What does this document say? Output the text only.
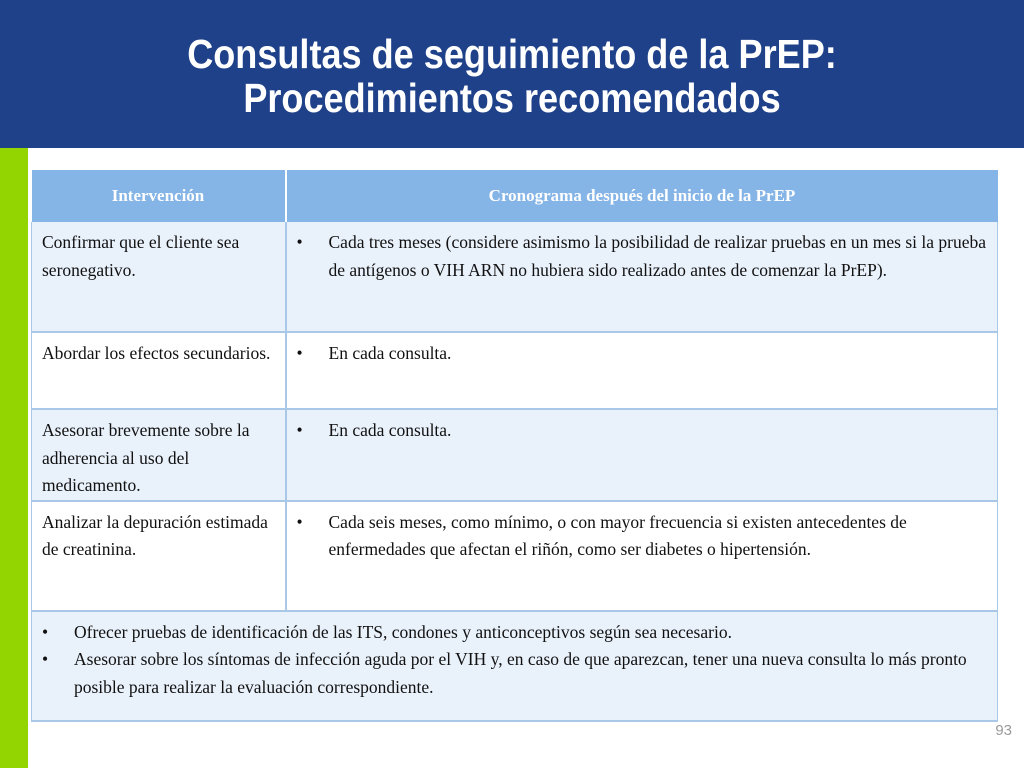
Consultas de seguimiento de la PrEP:
Procedimientos recomendados
Intervención	Cronograma después del inicio de la PrEP
Confirmar que el cliente sea seronegativo.	• Cada tres meses (considere asimismo la posibilidad de realizar pruebas en un mes si la prueba de antígenos o VIH ARN no hubiera sido realizado antes de comenzar la PrEP).

Abordar los efectos secundarios.	• En cada consulta.

Asesorar brevemente sobre la adherencia al uso del medicamento.	• En cada consulta.

Analizar la depuración estimada de creatinina.	• Cada seis meses, como mínimo, o con mayor frecuencia si existen antecedentes de enfermedades que afectan el riñón, como ser diabetes o hipertensión.

• Ofrecer pruebas de identificación de las ITS, condones y anticonceptivos según sea necesario.
• Asesorar sobre los síntomas de infección aguda por el VIH y, en caso de que aparezcan, tener una nueva consulta lo más pronto posible para realizar la evaluación correspondiente.	
93
